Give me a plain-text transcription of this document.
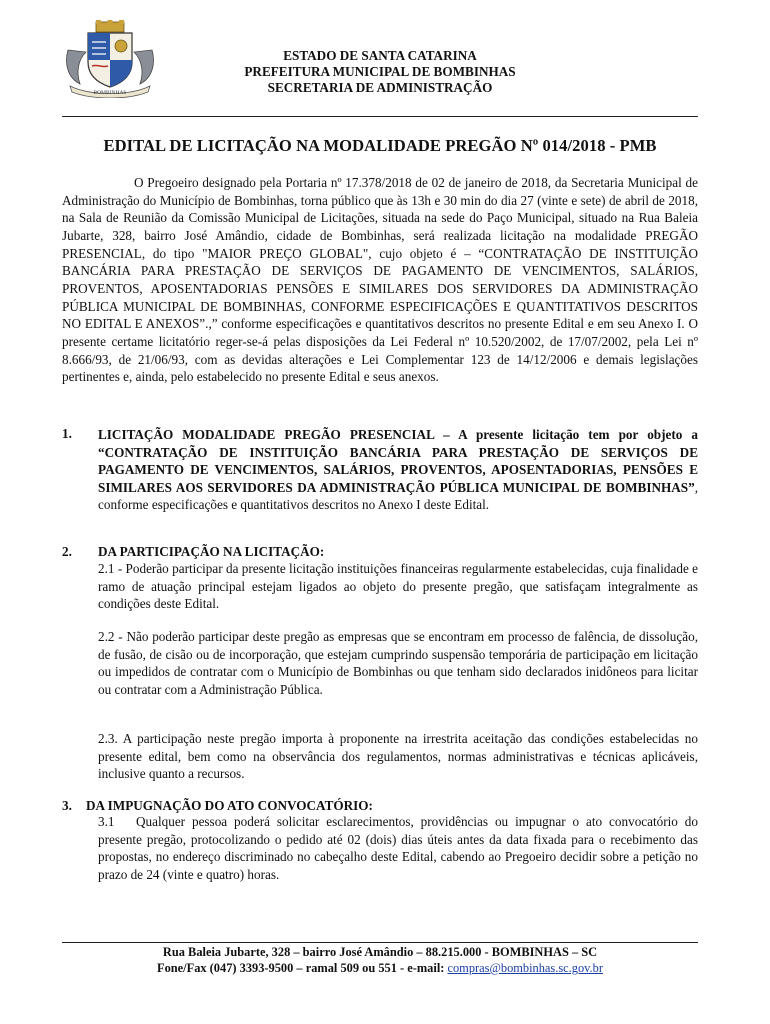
BOMBINHAS
ESTADO DE SANTA CATARINA
PREFEITURA MUNICIPAL DE BOMBINHAS
SECRETARIA DE ADMINISTRAÇÃO
EDITAL DE LICITAÇÃO NA MODALIDADE PREGÃO Nº 014/2018 - PMB

O Pregoeiro designado pela Portaria nº 17.378/2018 de 02 de janeiro de 2018, da Secretaria Municipal de Administração do Município de Bombinhas, torna público que às 13h e 30 min do dia 27 (vinte e sete) de abril de 2018, na Sala de Reunião da Comissão Municipal de Licitações, situada na sede do Paço Municipal, situado na Rua Baleia Jubarte, 328, bairro José Amândio, cidade de Bombinhas, será realizada licitação na modalidade PREGÃO PRESENCIAL, do tipo "MAIOR PREÇO GLOBAL", cujo objeto é – “CONTRATAÇÃO DE INSTITUIÇÃO BANCÁRIA PARA PRESTAÇÃO DE SERVIÇOS DE PAGAMENTO DE VENCIMENTOS, SALÁRIOS, PROVENTOS, APOSENTADORIAS PENSÕES E SIMILARES DOS SERVIDORES DA ADMINISTRAÇÃO PÚBLICA MUNICIPAL DE BOMBINHAS, CONFORME ESPECIFICAÇÕES E QUANTITATIVOS DESCRITOS NO EDITAL E ANEXOS”.,” conforme especificações e quantitativos descritos no presente Edital e em seu Anexo I. O presente certame licitatório reger-se-á pelas disposições da Lei Federal nº 10.520/2002, de 17/07/2002, pela Lei nº 8.666/93, de 21/06/93, com as devidas alterações e Lei Complementar 123 de 14/12/2006 e demais legislações pertinentes e, ainda, pelo estabelecido no presente Edital e seus anexos.

1. LICITAÇÃO MODALIDADE PREGÃO PRESENCIAL – A presente licitação tem por objeto a “CONTRATAÇÃO DE INSTITUIÇÃO BANCÁRIA PARA PRESTAÇÃO DE SERVIÇOS DE PAGAMENTO DE VENCIMENTOS, SALÁRIOS, PROVENTOS, APOSENTADORIAS, PENSÕES E SIMILARES AOS SERVIDORES DA ADMINISTRAÇÃO PÚBLICA MUNICIPAL DE BOMBINHAS”, conforme especificações e quantitativos descritos no Anexo I deste Edital.

2. DA PARTICIPAÇÃO NA LICITAÇÃO:

2.1 - Poderão participar da presente licitação instituições financeiras regularmente estabelecidas, cuja finalidade e ramo de atuação principal estejam ligados ao objeto do presente pregão, que satisfaçam integralmente as condições deste Edital.

2.2 - Não poderão participar deste pregão as empresas que se encontram em processo de falência, de dissolução, de fusão, de cisão ou de incorporação, que estejam cumprindo suspensão temporária de participação em licitação ou impedidos de contratar com o Município de Bombinhas ou que tenham sido declarados inidôneos para licitar ou contratar com a Administração Pública.

2.3. A participação neste pregão importa à proponente na irrestrita aceitação das condições estabelecidas no presente edital, bem como na observância dos regulamentos, normas administrativas e técnicas aplicáveis, inclusive quanto a recursos.

3. DA IMPUGNAÇÃO DO ATO CONVOCATÓRIO:

3.1 Qualquer pessoa poderá solicitar esclarecimentos, providências ou impugnar o ato convocatório do presente pregão, protocolizando o pedido até 02 (dois) dias úteis antes da data fixada para o recebimento das propostas, no endereço discriminado no cabeçalho deste Edital, cabendo ao Pregoeiro decidir sobre a petição no prazo de 24 (vinte e quatro) horas.

Rua Baleia Jubarte, 328 – bairro José Amândio – 88.215.000 - BOMBINHAS – SC
Fone/Fax (047) 3393-9500 – ramal 509 ou 551 - e-mail: compras@bombinhas.sc.gov.br
